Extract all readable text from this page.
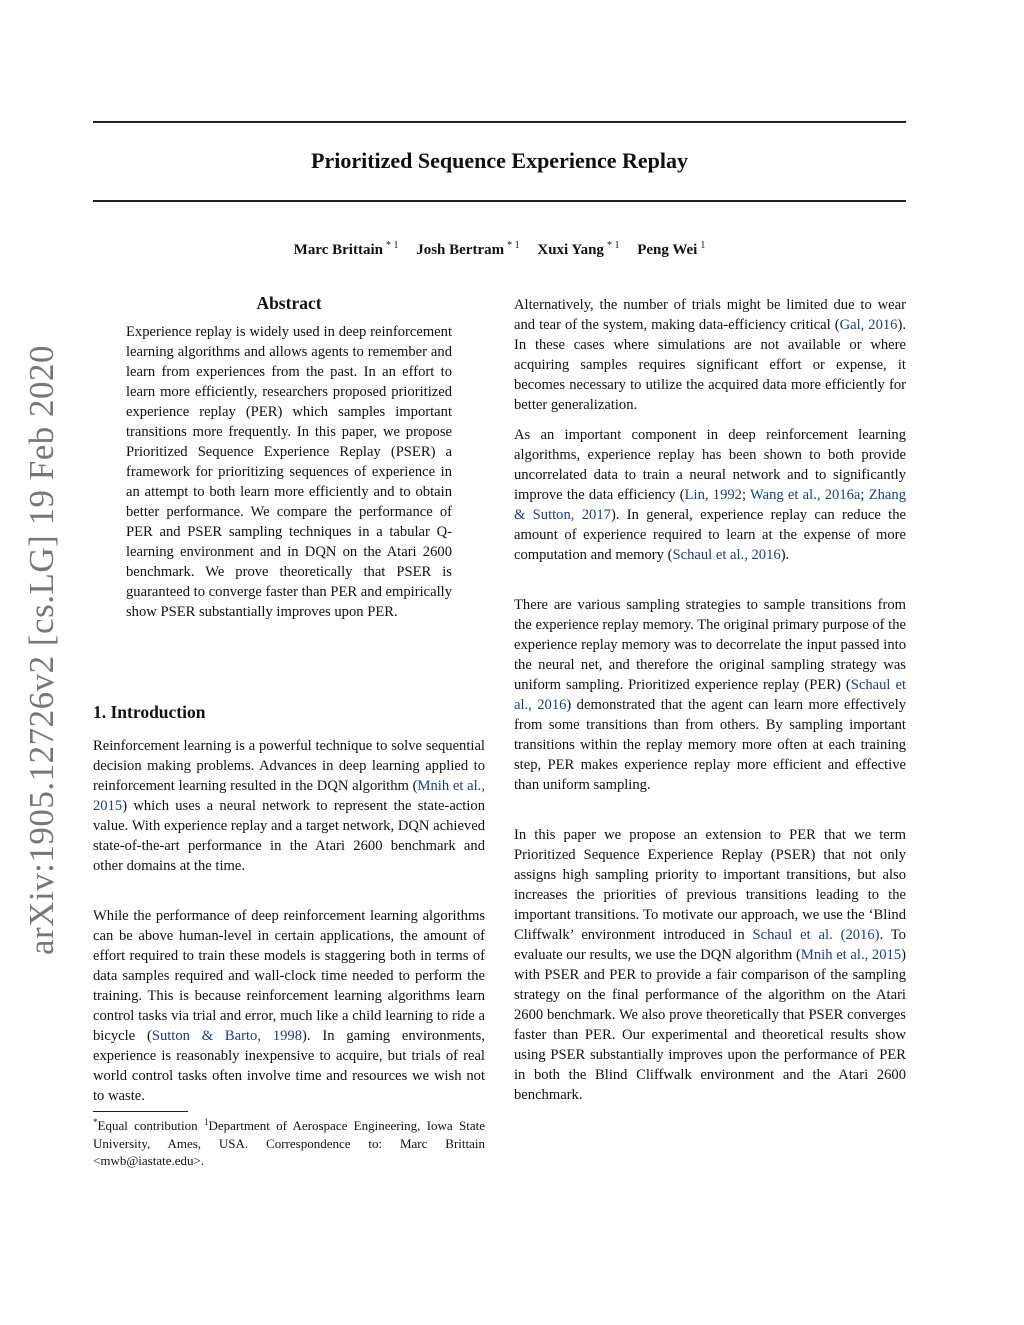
arXiv:1905.12726v2 [cs.LG] 19 Feb 2020
Prioritized Sequence Experience Replay
Marc Brittain $^{* 1}$ Josh Bertram $^{* 1}$ Xuxi Yang $^{* 1}$ Peng Wei $^1$
Abstract

Experience replay is widely used in deep reinforcement learning algorithms and allows agents to remember and learn from experiences from the past. In an effort to learn more efficiently, researchers proposed prioritized experience replay (PER) which samples important transitions more frequently. In this paper, we propose Prioritized Sequence Experience Replay (PSER) a framework for prioritizing sequences of experience in an attempt to both learn more efficiently and to obtain better performance. We compare the performance of PER and PSER sampling techniques in a tabular Q-learning environment and in DQN on the Atari 2600 benchmark. We prove theoretically that PSER is guaranteed to converge faster than PER and empirically show PSER substantially improves upon PER.

1. Introduction

Reinforcement learning is a powerful technique to solve sequential decision making problems. Advances in deep learning applied to reinforcement learning resulted in the DQN algorithm (Mnih et al., 2015) which uses a neural network to represent the state-action value. With experience replay and a target network, DQN achieved state-of-the-art performance in the Atari 2600 benchmark and other domains at the time.

While the performance of deep reinforcement learning algorithms can be above human-level in certain applications, the amount of effort required to train these models is staggering both in terms of data samples required and wall-clock time needed to perform the training. This is because reinforcement learning algorithms learn control tasks via trial and error, much like a child learning to ride a bicycle (Sutton & Barto, 1998). In gaming environments, experience is reasonably inexpensive to acquire, but trials of real world control tasks often involve time and resources we wish not to waste.

Alternatively, the number of trials might be limited due to wear and tear of the system, making data-efficiency critical (Gal, 2016). In these cases where simulations are not available or where acquiring samples requires significant effort or expense, it becomes necessary to utilize the acquired data more efficiently for better generalization.

As an important component in deep reinforcement learning algorithms, experience replay has been shown to both provide uncorrelated data to train a neural network and to significantly improve the data efficiency (Lin, 1992; Wang et al., 2016a; Zhang & Sutton, 2017). In general, experience replay can reduce the amount of experience required to learn at the expense of more computation and memory (Schaul et al., 2016).

There are various sampling strategies to sample transitions from the experience replay memory. The original primary purpose of the experience replay memory was to decorrelate the input passed into the neural net, and therefore the original sampling strategy was uniform sampling. Prioritized experience replay (PER) (Schaul et al., 2016) demonstrated that the agent can learn more effectively from some transitions than from others. By sampling important transitions within the replay memory more often at each training step, PER makes experience replay more efficient and effective than uniform sampling.

In this paper we propose an extension to PER that we term Prioritized Sequence Experience Replay (PSER) that not only assigns high sampling priority to important transitions, but also increases the priorities of previous transitions leading to the important transitions. To motivate our approach, we use the ‘Blind Cliffwalk’ environment introduced in Schaul et al. (2016). To evaluate our results, we use the DQN algorithm (Mnih et al., 2015) with PSER and PER to provide a fair comparison of the sampling strategy on the final performance of the algorithm on the Atari 2600 benchmark. We also prove theoretically that PSER converges faster than PER. Our experimental and theoretical results show using PSER substantially improves upon the performance of PER in both the Blind Cliffwalk environment and the Atari 2600 benchmark.

*Equal contribution $^1$Department of Aerospace Engineering, Iowa State University, Ames, USA. Correspondence to: Marc Brittain <mwb@iastate.edu>.
